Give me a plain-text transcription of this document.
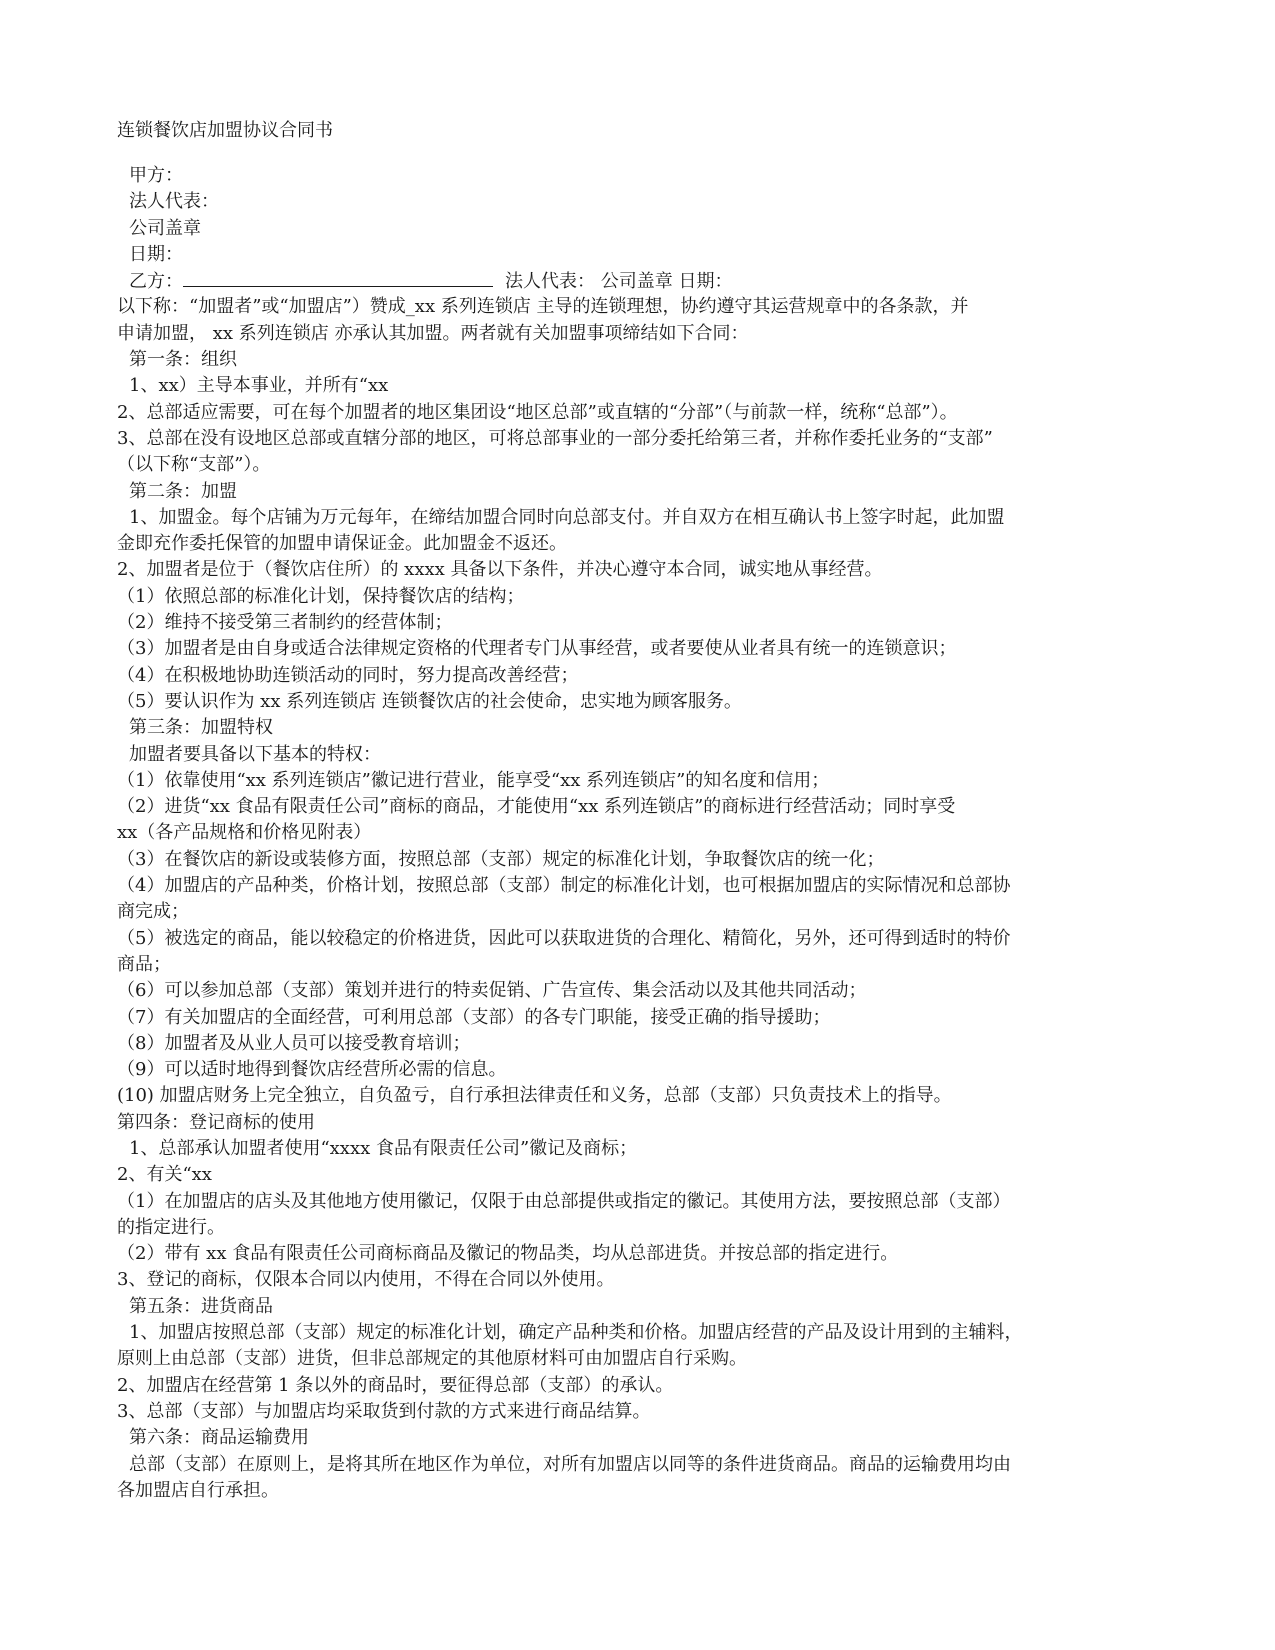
连锁餐饮店加盟协议合同书
甲方：
法人代表：
公司盖章
日期：
乙方：	法人代表： 公司盖章 日期：
以下称：“加盟者”或“加盟店”）赞成_xx 系列连锁店 主导的连锁理想，协约遵守其运营规章中的各条款，并
申请加盟， xx 系列连锁店 亦承认其加盟。两者就有关加盟事项缔结如下合同：
第一条：组织
1、xx）主导本事业，并所有“xx
2、总部适应需要，可在每个加盟者的地区集团设“地区总部”或直辖的“分部”（与前款一样，统称“总部”）。
3、总部在没有设地区总部或直辖分部的地区，可将总部事业的一部分委托给第三者，并称作委托业务的“支部”
（以下称“支部”）。
第二条：加盟
1、加盟金。每个店铺为万元每年，在缔结加盟合同时向总部支付。并自双方在相互确认书上签字时起，此加盟
金即充作委托保管的加盟申请保证金。此加盟金不返还。
2、加盟者是位于（餐饮店住所）的 xxxx 具备以下条件，并决心遵守本合同，诚实地从事经营。
（1）依照总部的标准化计划，保持餐饮店的结构；
（2）维持不接受第三者制约的经营体制；
（3）加盟者是由自身或适合法律规定资格的代理者专门从事经营，或者要使从业者具有统一的连锁意识；
（4）在积极地协助连锁活动的同时，努力提高改善经营；
（5）要认识作为 xx 系列连锁店 连锁餐饮店的社会使命，忠实地为顾客服务。
第三条：加盟特权
加盟者要具备以下基本的特权：
（1）依靠使用“xx 系列连锁店”徽记进行营业，能享受“xx 系列连锁店”的知名度和信用；
（2）进货“xx 食品有限责任公司”商标的商品，才能使用“xx 系列连锁店”的商标进行经营活动；同时享受
xx（各产品规格和价格见附表）
（3）在餐饮店的新设或装修方面，按照总部（支部）规定的标准化计划，争取餐饮店的统一化；
（4）加盟店的产品种类，价格计划，按照总部（支部）制定的标准化计划，也可根据加盟店的实际情况和总部协
商完成；
（5）被选定的商品，能以较稳定的价格进货，因此可以获取进货的合理化、精简化，另外，还可得到适时的特价
商品；
（6）可以参加总部（支部）策划并进行的特卖促销、广告宣传、集会活动以及其他共同活动；
（7）有关加盟店的全面经营，可利用总部（支部）的各专门职能，接受正确的指导援助；
（8）加盟者及从业人员可以接受教育培训；
（9）可以适时地得到餐饮店经营所必需的信息。
(10) 加盟店财务上完全独立，自负盈亏，自行承担法律责任和义务，总部（支部）只负责技术上的指导。
第四条：登记商标的使用
1、总部承认加盟者使用“xxxx 食品有限责任公司”徽记及商标；
2、有关“xx
（1）在加盟店的店头及其他地方使用徽记，仅限于由总部提供或指定的徽记。其使用方法，要按照总部（支部）
的指定进行。
（2）带有 xx 食品有限责任公司商标商品及徽记的物品类，均从总部进货。并按总部的指定进行。
3、登记的商标，仅限本合同以内使用，不得在合同以外使用。
第五条：进货商品
1、加盟店按照总部（支部）规定的标准化计划，确定产品种类和价格。加盟店经营的产品及设计用到的主辅料，
原则上由总部（支部）进货，但非总部规定的其他原材料可由加盟店自行采购。
2、加盟店在经营第 1 条以外的商品时，要征得总部（支部）的承认。
3、总部（支部）与加盟店均采取货到付款的方式来进行商品结算。
第六条：商品运输费用
总部（支部）在原则上，是将其所在地区作为单位，对所有加盟店以同等的条件进货商品。商品的运输费用均由
各加盟店自行承担。
